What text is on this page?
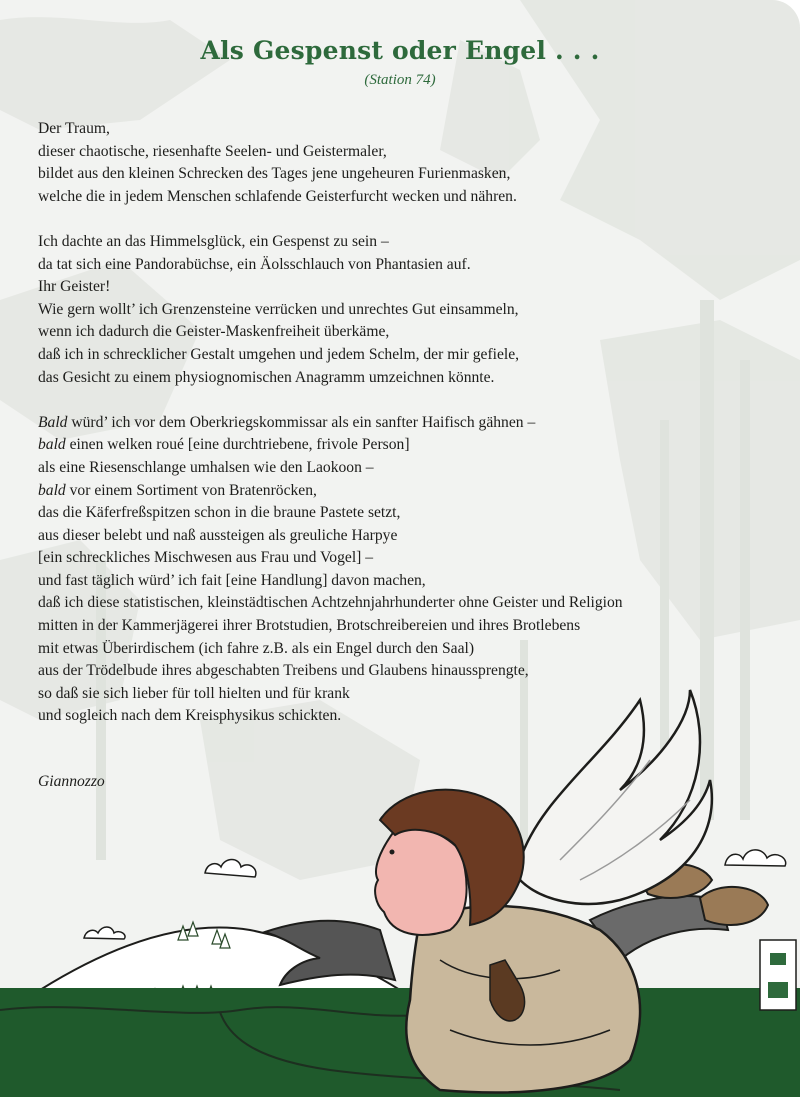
Als Gespenst oder Engel . . .
(Station 74)
Der Traum,
dieser chaotische, riesenhafte Seelen- und Geistermaler,
bildet aus den kleinen Schrecken des Tages jene ungeheuren Furienmasken,
welche die in jedem Menschen schlafende Geisterfurcht wecken und nähren.
Ich dachte an das Himmelsglück, ein Gespenst zu sein –
da tat sich eine Pandorabüchse, ein Äolsschlauch von Phantasien auf.
Ihr Geister!
Wie gern wollt’ ich Grenzensteine verrücken und unrechtes Gut einsammeln,
wenn ich dadurch die Geister-Maskenfreiheit überkäme,
daß ich in schrecklicher Gestalt umgehen und jedem Schelm, der mir gefiele,
das Gesicht zu einem physiognomischen Anagramm umzeichnen könnte.
Bald würd’ ich vor dem Oberkriegskommissar als ein sanfter Haifisch gähnen –
bald einen welken roué [eine durchtriebene, frivole Person]
als eine Riesenschlange umhalsen wie den Laokoon –
bald vor einem Sortiment von Bratenröcken,
das die Käferfreßspitzen schon in die braune Pastete setzt,
aus dieser belebt und naß aussteigen als greuliche Harpye
[ein schreckliches Mischwesen aus Frau und Vogel] –
und fast täglich würd’ ich fait [eine Handlung] davon machen,
daß ich diese statistischen, kleinstädtischen Achtzehnjahrhunderter ohne Geister und Religion
mitten in der Kammerjägerei ihrer Brotstudien, Brotschreibereien und ihres Brotlebens
mit etwas Überirdischem (ich fahre z.B. als ein Engel durch den Saal)
aus der Trödelbude ihres abgeschabten Treibens und Glaubens hinaussprengte,
so daß sie sich lieber für toll hielten und für krank
und sogleich nach dem Kreisphysikus schickten.
Giannozzo
